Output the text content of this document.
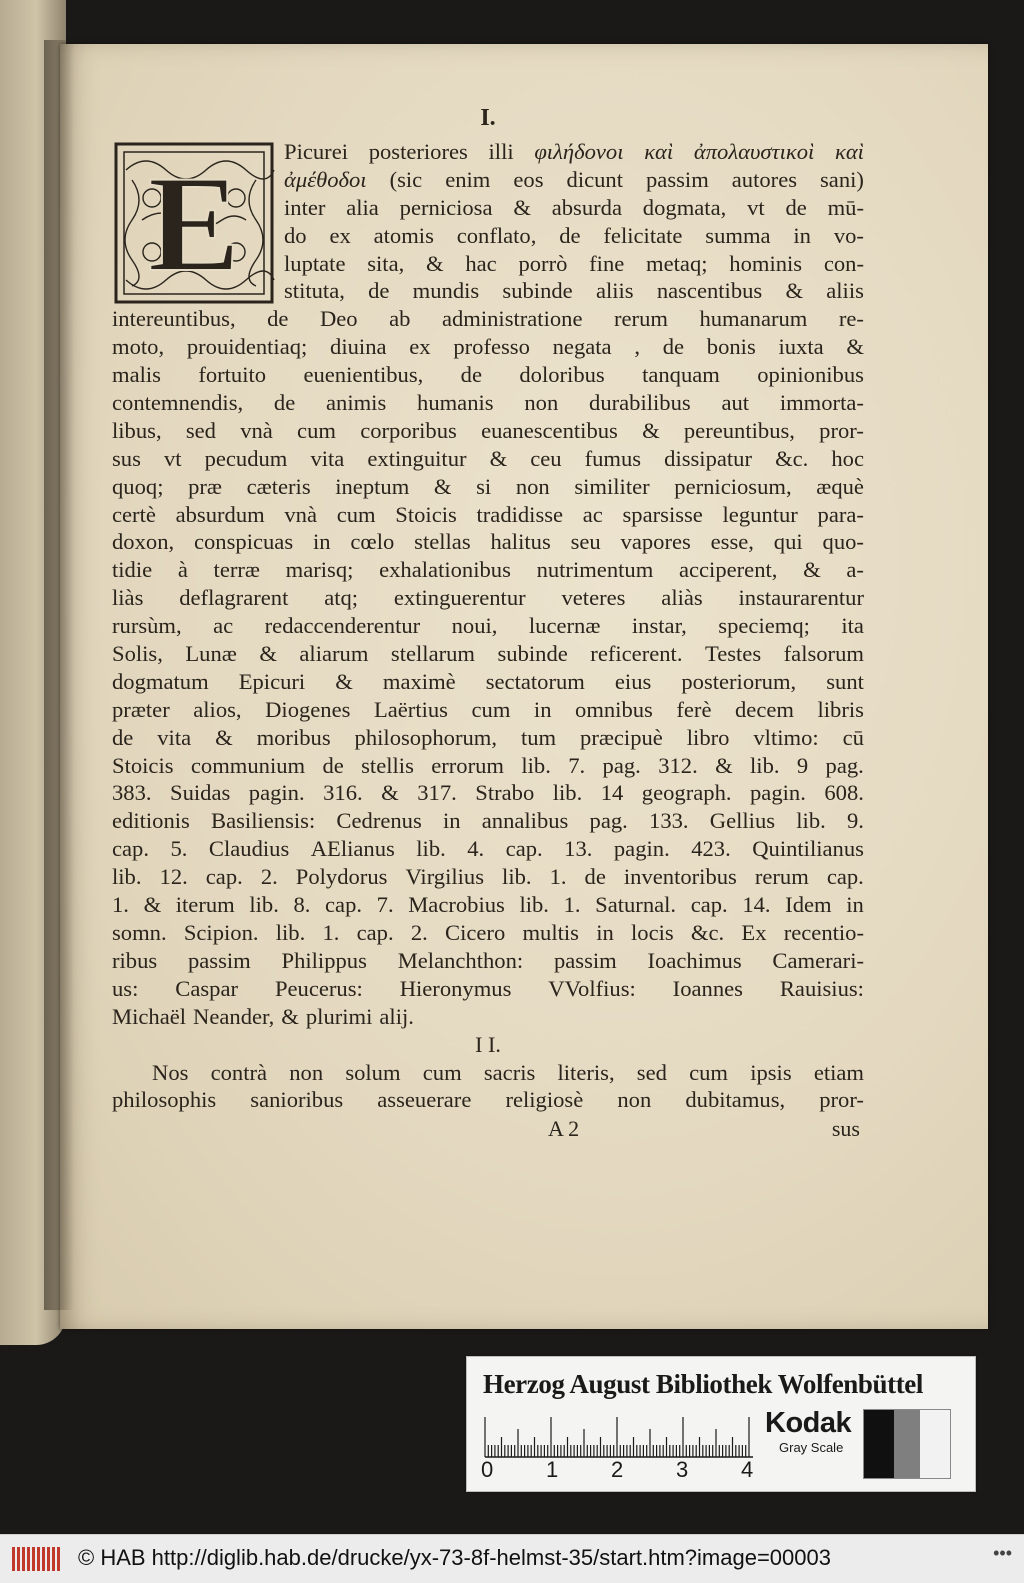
I.
E Picurei posteriores illi φιλήδονοι καὶ ἀπολαυστικοὶ καὶ
ἀμέθοδοι (sic enim eos dicunt passim autores sani)
inter alia perniciosa & absurda dogmata, vt de mū-
do ex atomis conflato, de felicitate summa in vo-
luptate sita, & hac porrò fine metaq; hominis con-
stituta, de mundis subinde aliis nascentibus & aliis
intereuntibus, de Deo ab administratione rerum humanarum re-
moto, prouidentiaq; diuina ex professo negata , de bonis iuxta &
malis fortuito euenientibus, de doloribus tanquam opinionibus
contemnendis, de animis humanis non durabilibus aut immorta-
libus, sed vnà cum corporibus euanescentibus & pereuntibus, pror-
sus vt pecudum vita extinguitur & ceu fumus dissipatur &c. hoc
quoq; præ cæteris ineptum & si non similiter perniciosum, æquè
certè absurdum vnà cum Stoicis tradidisse ac sparsisse leguntur para-
doxon, conspicuas in cœlo stellas halitus seu vapores esse, qui quo-
tidie à terræ marisq; exhalationibus nutrimentum acciperent, & a-
liàs deflagrarent atq; extinguerentur veteres aliàs instaurarentur
rursùm, ac redaccenderentur noui, lucernæ instar, speciemq; ita
Solis, Lunæ & aliarum stellarum subinde reficerent. Testes falsorum
dogmatum Epicuri & maximè sectatorum eius posteriorum, sunt
præter alios, Diogenes Laërtius cum in omnibus ferè decem libris
de vita & moribus philosophorum, tum præcipuè libro vltimo: cū
Stoicis communium de stellis errorum lib. 7. pag. 312. & lib. 9 pag.
383. Suidas pagin. 316. & 317. Strabo lib. 14 geograph. pagin. 608.
editionis Basiliensis: Cedrenus in annalibus pag. 133. Gellius lib. 9.
cap. 5. Claudius AElianus lib. 4. cap. 13. pagin. 423. Quintilianus
lib. 12. cap. 2. Polydorus Virgilius lib. 1. de inventoribus rerum cap.
1. & iterum lib. 8. cap. 7. Macrobius lib. 1. Saturnal. cap. 14. Idem in
somn. Scipion. lib. 1. cap. 2. Cicero multis in locis &c. Ex recentio-
ribus passim Philippus Melanchthon: passim Ioachimus Camerari-
us: Caspar Peucerus: Hieronymus VVolfius: Ioannes Rauisius:
Michaël Neander, & plurimi alij.
I I.
Nos contrà non solum cum sacris literis, sed cum ipsis etiam
philosophis sanioribus asseuerare religiosè non dubitamus, pror-
A 2	sus
Herzog August Bibliothek Wolfenbüttel
0 1 2 3 4
Kodak
Gray Scale
© HAB http://diglib.hab.de/drucke/yx-73-8f-helmst-35/start.htm?image=00003	•••
